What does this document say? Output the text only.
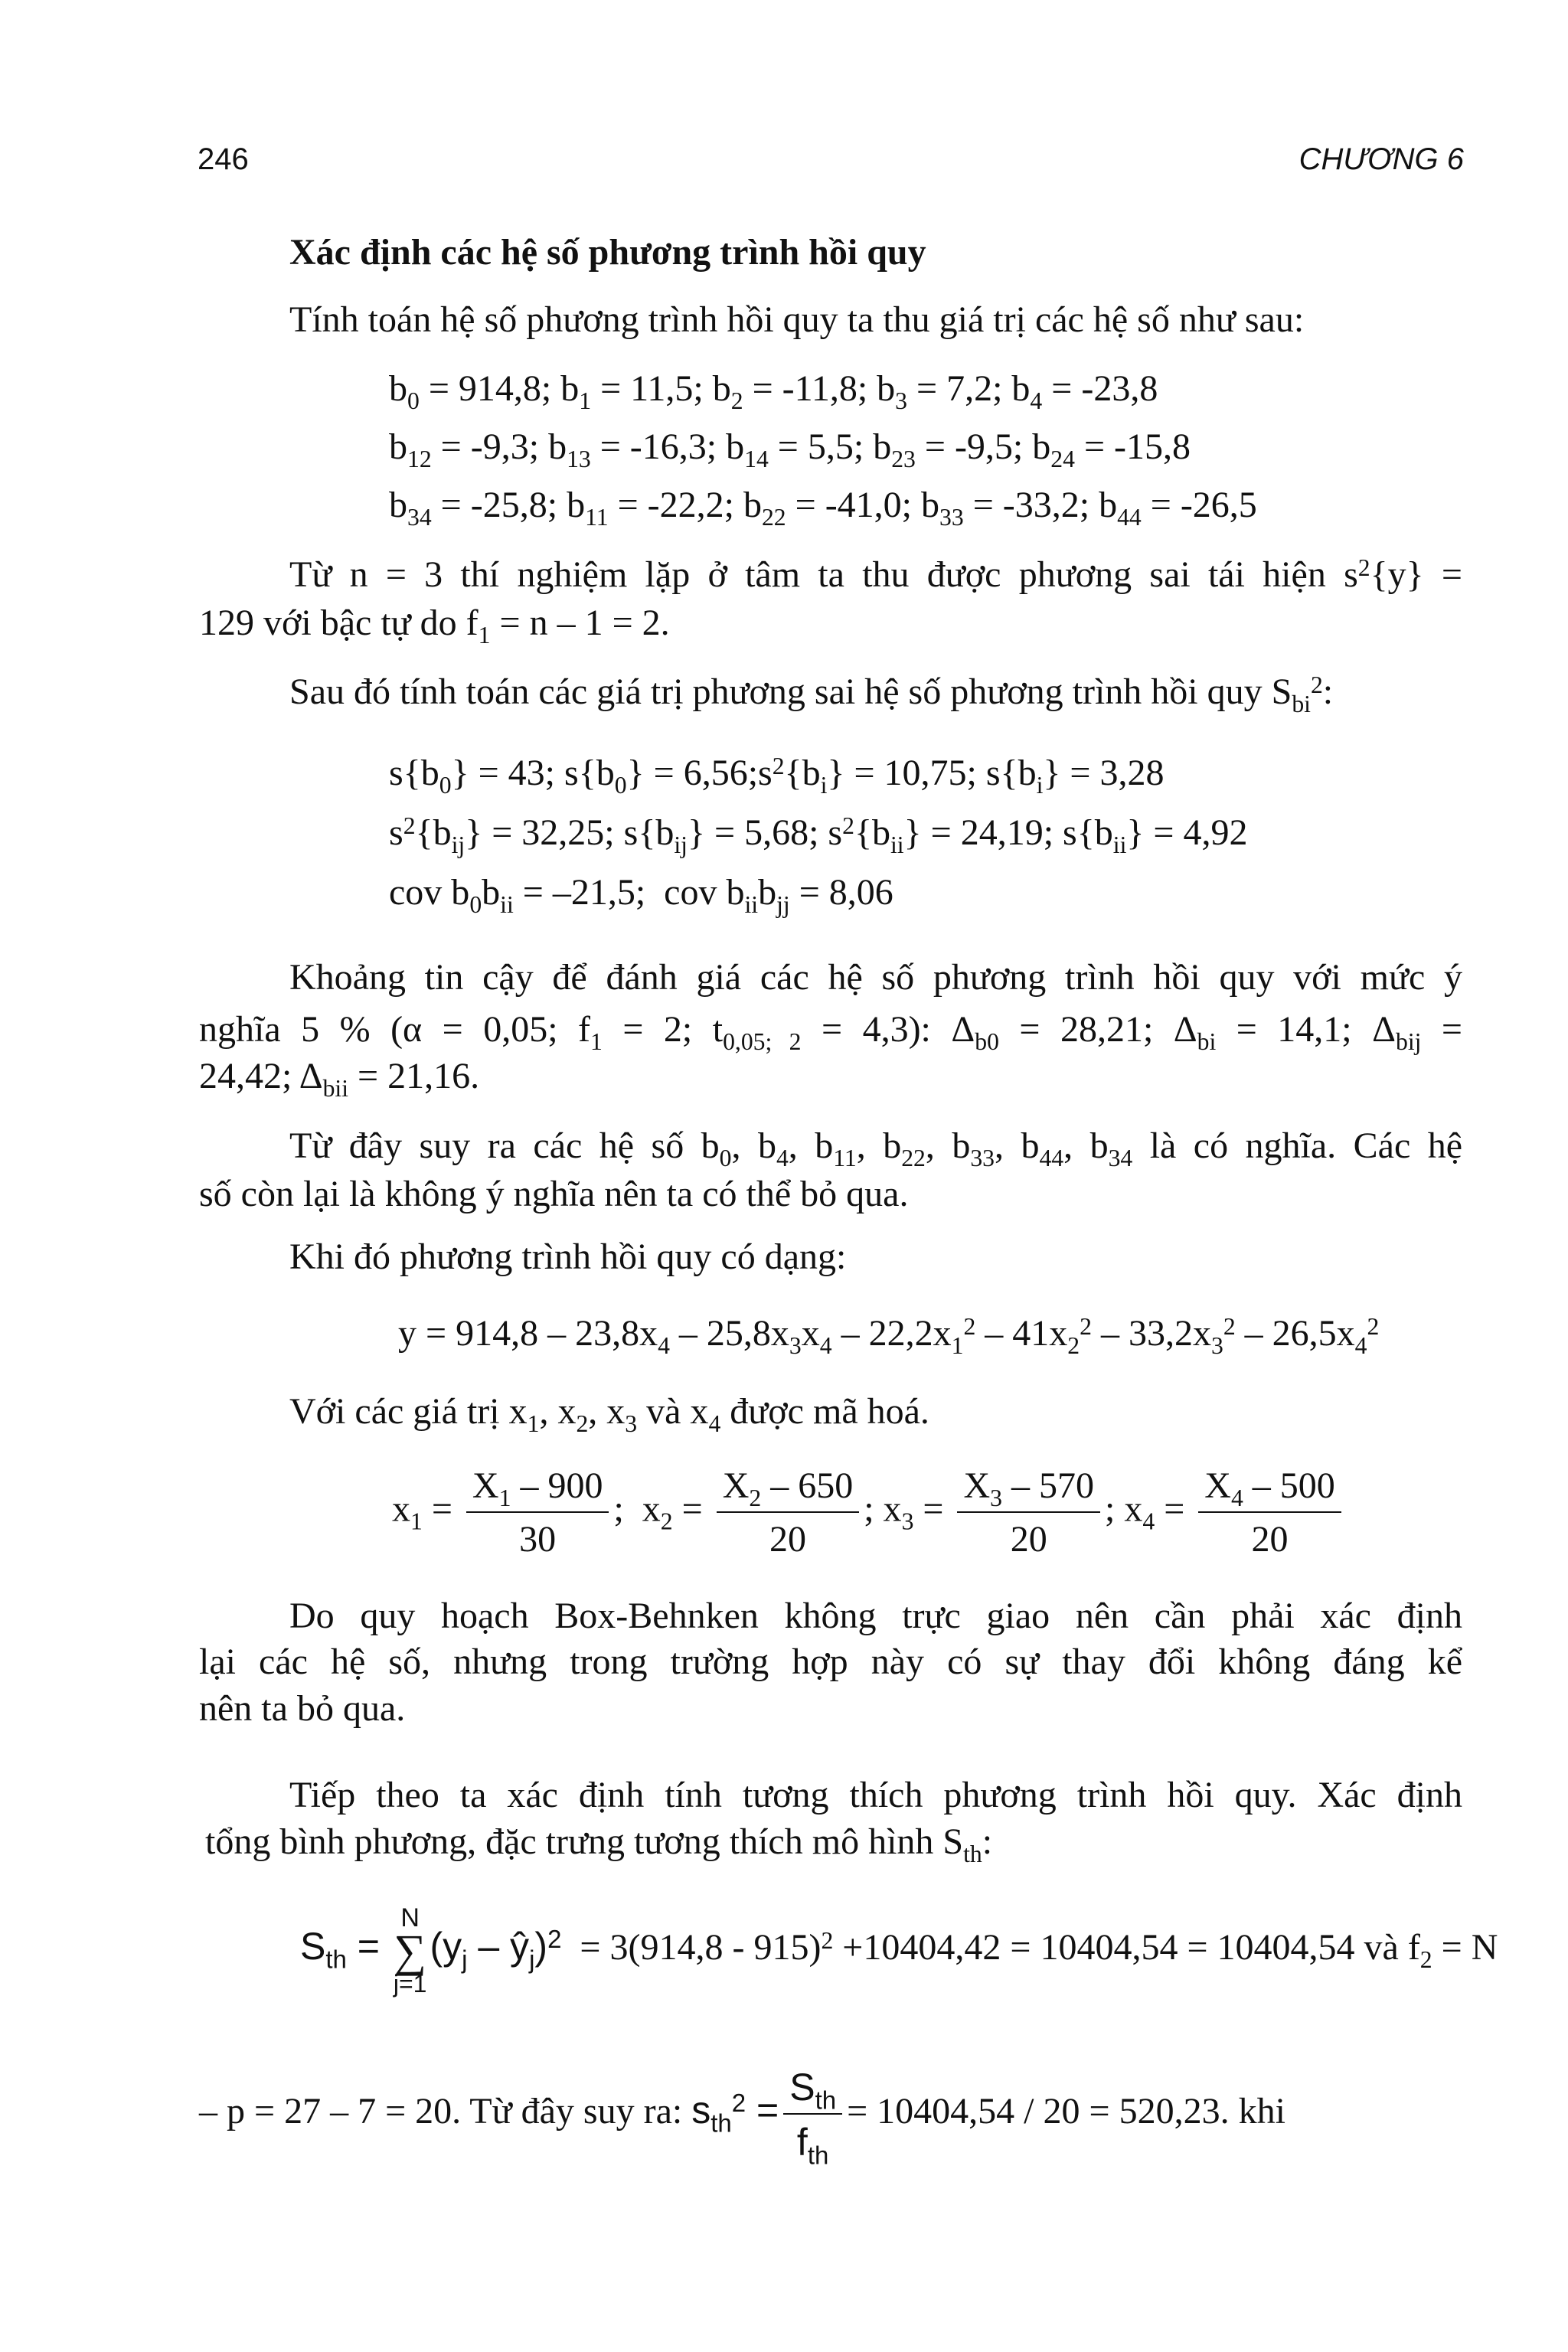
246	CHƯƠNG 6
Xác định các hệ số phương trình hồi quy
Tính toán hệ số phương trình hồi quy ta thu giá trị các hệ số như sau:
$b_0 = 914,8$; $b_1 = 11,5$; $b_2 = -11,8$; $b_3 = 7,2$; $b_4 = -23,8$
$b_{12} = -9,3$; $b_{13} = -16,3$; $b_{14} = 5,5$; $b_{23} = -9,5$; $b_{24} = -15,8$
$b_{34} = -25,8$; $b_{11} = -22,2$; $b_{22} = -41,0$; $b_{33} = -33,2$; $b_{44} = -26,5$
Từ n = 3 thí nghiệm lặp ở tâm ta thu được phương sai tái hiện $s^2\{y\}$ =
129 với bậc tự do $f_1 = n - 1 = 2$.
Sau đó tính toán các giá trị phương sai hệ số phương trình hồi quy $S_{bi}^2$:
$s\{b_0\} = 43$; $s\{b_0\}$ = $6,56;s^2\{b_i\} = 10,75$; $s\{b_i\} = 3,28$
$s^2\{b_{ij}\} = 32,25$; $s\{b_{ij}\} = 5,68$; $s^2\{b_{ii}\} = 24,19$; $s\{b_{ii}\} = 4,92$
cov $b_0b_{ii} = -21,5$;  cov $b_{ii}b_{jj} = 8,06$
Khoảng tin cậy để đánh giá các hệ số phương trình hồi quy với mức ý
nghĩa 5 % (α = 0,05; $f_1 = 2$; $t_{0,05; 2} = 4,3$): $\Delta_{b0} = 28,21$; $\Delta_{bi} = 14,1$; $\Delta_{bij}$ =
24,42; $\Delta_{bii} = 21,16$.
Từ đây suy ra các hệ số $b_0$, $b_4$, $b_{11}$, $b_{22}$, $b_{33}$, $b_{44}$, $b_{34}$ là có nghĩa. Các hệ
số còn lại là không ý nghĩa nên ta có thể bỏ qua.
Khi đó phương trình hồi quy có dạng:
$y = 914,8 - 23,8x_4 - 25,8x_3x_4 - 22,2x_1^2 - 41x_2^2 - 33,2x_3^2 - 26,5x_4^2$
Với các giá trị $x_1$, $x_2$, $x_3$ và $x_4$ được mã hoá.
$x_1 = \frac{X_1 - 900}{30}$ ;  $x_2 = \frac{X_2 - 650}{20}$ ; $x_3 = \frac{X_3 - 570}{20}$ ; $x_4 = \frac{X_4 - 500}{20}$
Do quy hoạch Box-Behnken không trực giao nên cần phải xác định
lại các hệ số, nhưng trong trường hợp này có sự thay đổi không đáng kể
nên ta bỏ qua.
Tiếp theo ta xác định tính tương thích phương trình hồi quy. Xác định
tổng bình phương, đặc trưng tương thích mô hình $S_{th}$:
$S_{th}$ =
N
∑
j=1
($y_j$ – $ŷ_j)^2 = 3(914,8 - 915)^2 +10404,42 = 10404,54 = 10404,54$ và $f_2 = N$
– p = 27 – 7 = 20. Từ đây suy ra: $s_{th}^2 = \frac{S_{th}}{f_{th}} = 10404,54 / 20 = 520,23$. khi
